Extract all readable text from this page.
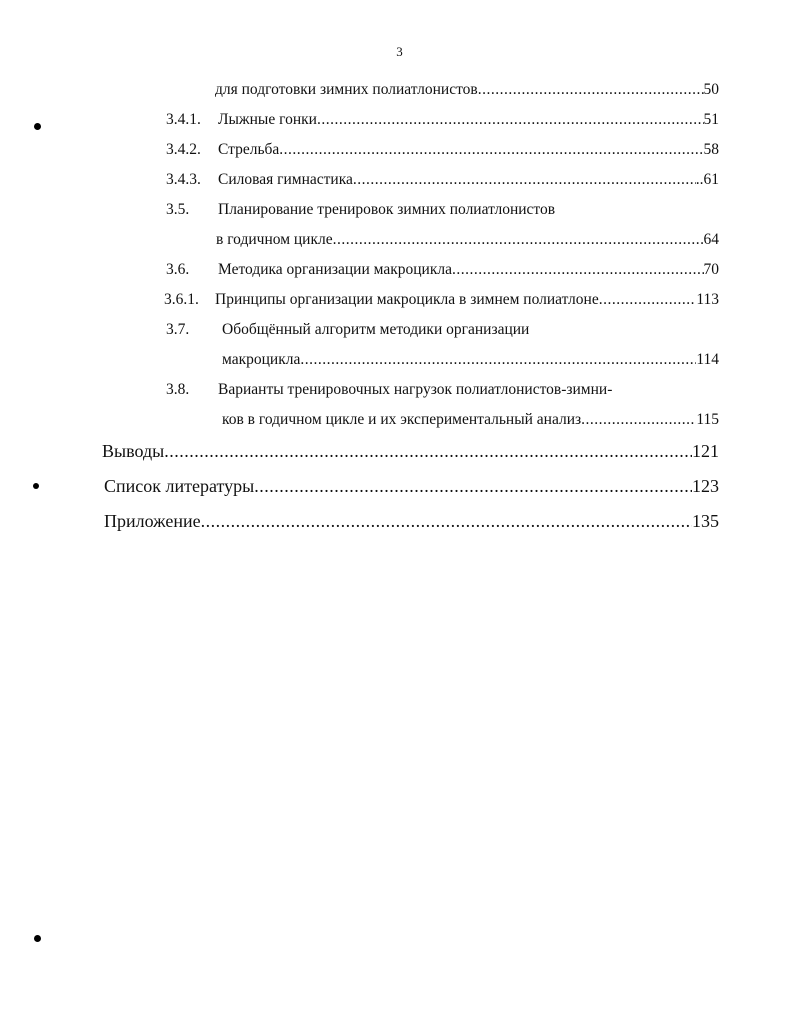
3
для подготовки зимних полиатлонистов .....	50
3.4.1.	Лыжные гонки .....	51
3.4.2.	Стрельба .....	58
3.4.3.	Силовая гимнастика .....	..61
3.5.	Планирование тренировок зимних полиатлонистов
в годичном цикле .....	64
3.6.	Методика организации макроцикла .....	70
3.6.1.	Принципы организации макроцикла в зимнем полиатлоне .....	113
3.7.	Обобщённый алгоритм методики организации
макроцикла .....	114
3.8.	Варианты тренировочных нагрузок полиатлонистов-зимни-
ков в годичном цикле и их экспериментальный анализ .....	115
Выводы .....	121
Список литературы .....	123
Приложение .....	135
